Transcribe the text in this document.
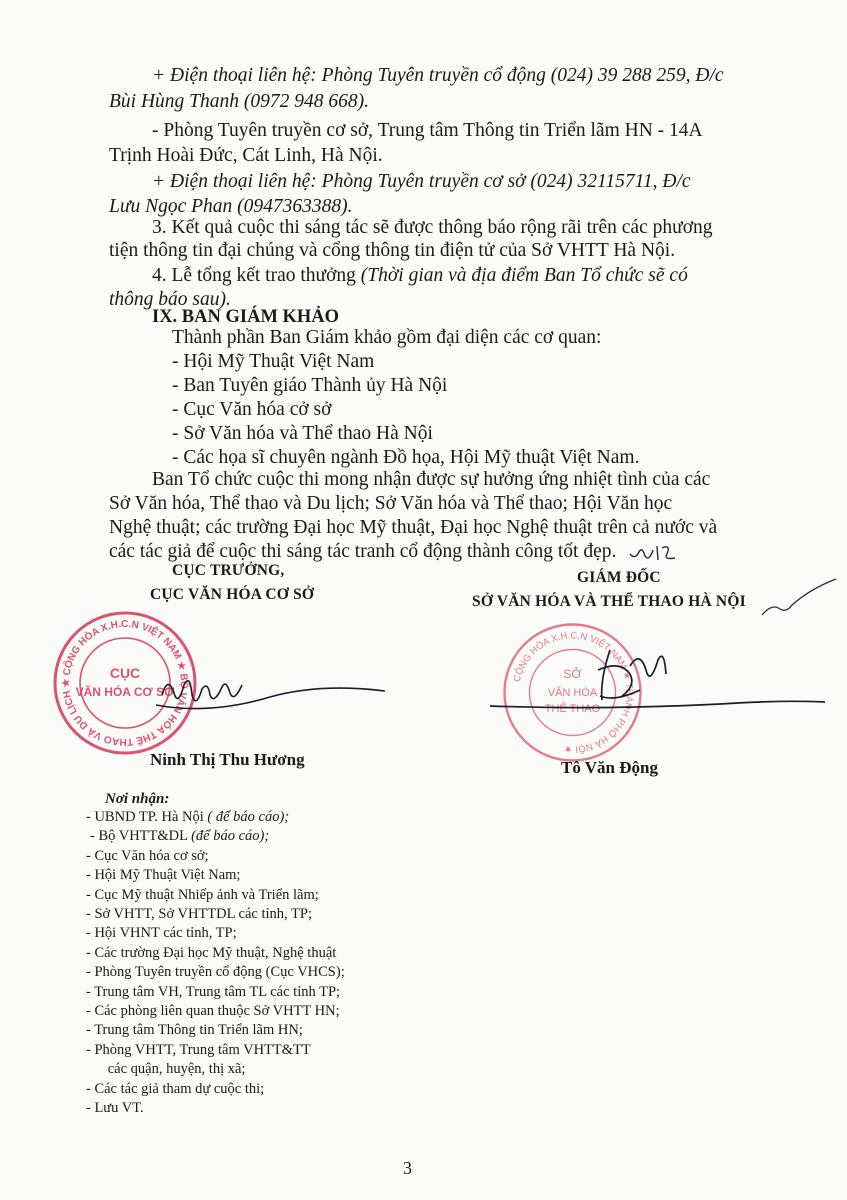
+ Điện thoại liên hệ: Phòng Tuyên truyền cổ động (024) 39 288 259, Đ/c
Bùi Hùng Thanh (0972 948 668).
- Phòng Tuyên truyền cơ sở, Trung tâm Thông tin Triển lãm HN - 14A
Trịnh Hoài Đức, Cát Linh, Hà Nội.
+ Điện thoại liên hệ: Phòng Tuyên truyền cơ sở (024) 32115711, Đ/c
Lưu Ngọc Phan (0947363388).
3. Kết quả cuộc thi sáng tác sẽ được thông báo rộng rãi trên các phương
tiện thông tin đại chúng và cổng thông tin điện tử của Sở VHTT Hà Nội.
4. Lễ tổng kết trao thưởng (Thời gian và địa điểm Ban Tổ chức sẽ có
thông báo sau).
IX. BAN GIÁM KHẢO
Thành phần Ban Giám khảo gồm đại diện các cơ quan:
- Hội Mỹ Thuật Việt Nam
- Ban Tuyên giáo Thành ủy Hà Nội
- Cục Văn hóa cở sở
- Sở Văn hóa và Thể thao Hà Nội
- Các họa sĩ chuyên ngành Đồ họa, Hội Mỹ thuật Việt Nam.
Ban Tổ chức cuộc thi mong nhận được sự hưởng ứng nhiệt tình của các
Sở Văn hóa, Thể thao và Du lịch; Sở Văn hóa và Thể thao; Hội Văn học
Nghệ thuật; các trường Đại học Mỹ thuật, Đại học Nghệ thuật trên cả nước và
các tác giả để cuộc thi sáng tác tranh cổ động thành công tốt đẹp.
CỤC TRƯỞNG,
CỤC VĂN HÓA CƠ SỞ
GIÁM ĐỐC
SỞ VĂN HÓA VÀ THỂ THAO HÀ NỘI
CỘNG HÒA X.H.C.N VIỆT NAM ★ BỘ VĂN HÓA THỂ THAO VÀ DU LỊCH ★
CỤC
VĂN HÓA CƠ SỞ
CỘNG HÒA X.H.C.N VIỆT NAM ★ THÀNH PHỐ HÀ NỘI ★
SỞ
VĂN HÓA
THỂ THAO
Ninh Thị Thu Hương	Tô Văn Động
Nơi nhận:
- UBND TP. Hà Nội ( để báo cáo);
- Bộ VHTT&DL (để báo cáo);
- Cục Văn hóa cơ sở;
- Hội Mỹ Thuật Việt Nam;
- Cục Mỹ thuật Nhiếp ảnh và Triển lãm;
- Sở VHTT, Sở VHTTDL các tỉnh, TP;
- Hội VHNT các tỉnh, TP;
- Các trường Đại học Mỹ thuật, Nghệ thuật
- Phòng Tuyên truyền cổ động (Cục VHCS);
- Trung tâm VH, Trung tâm TL các tỉnh TP;
- Các phòng liên quan thuộc Sở VHTT HN;
- Trung tâm Thông tin Triển lãm HN;
- Phòng VHTT, Trung tâm VHTT&TT
các quận, huyện, thị xã;
- Các tác giả tham dự cuộc thi;
- Lưu VT.
3
